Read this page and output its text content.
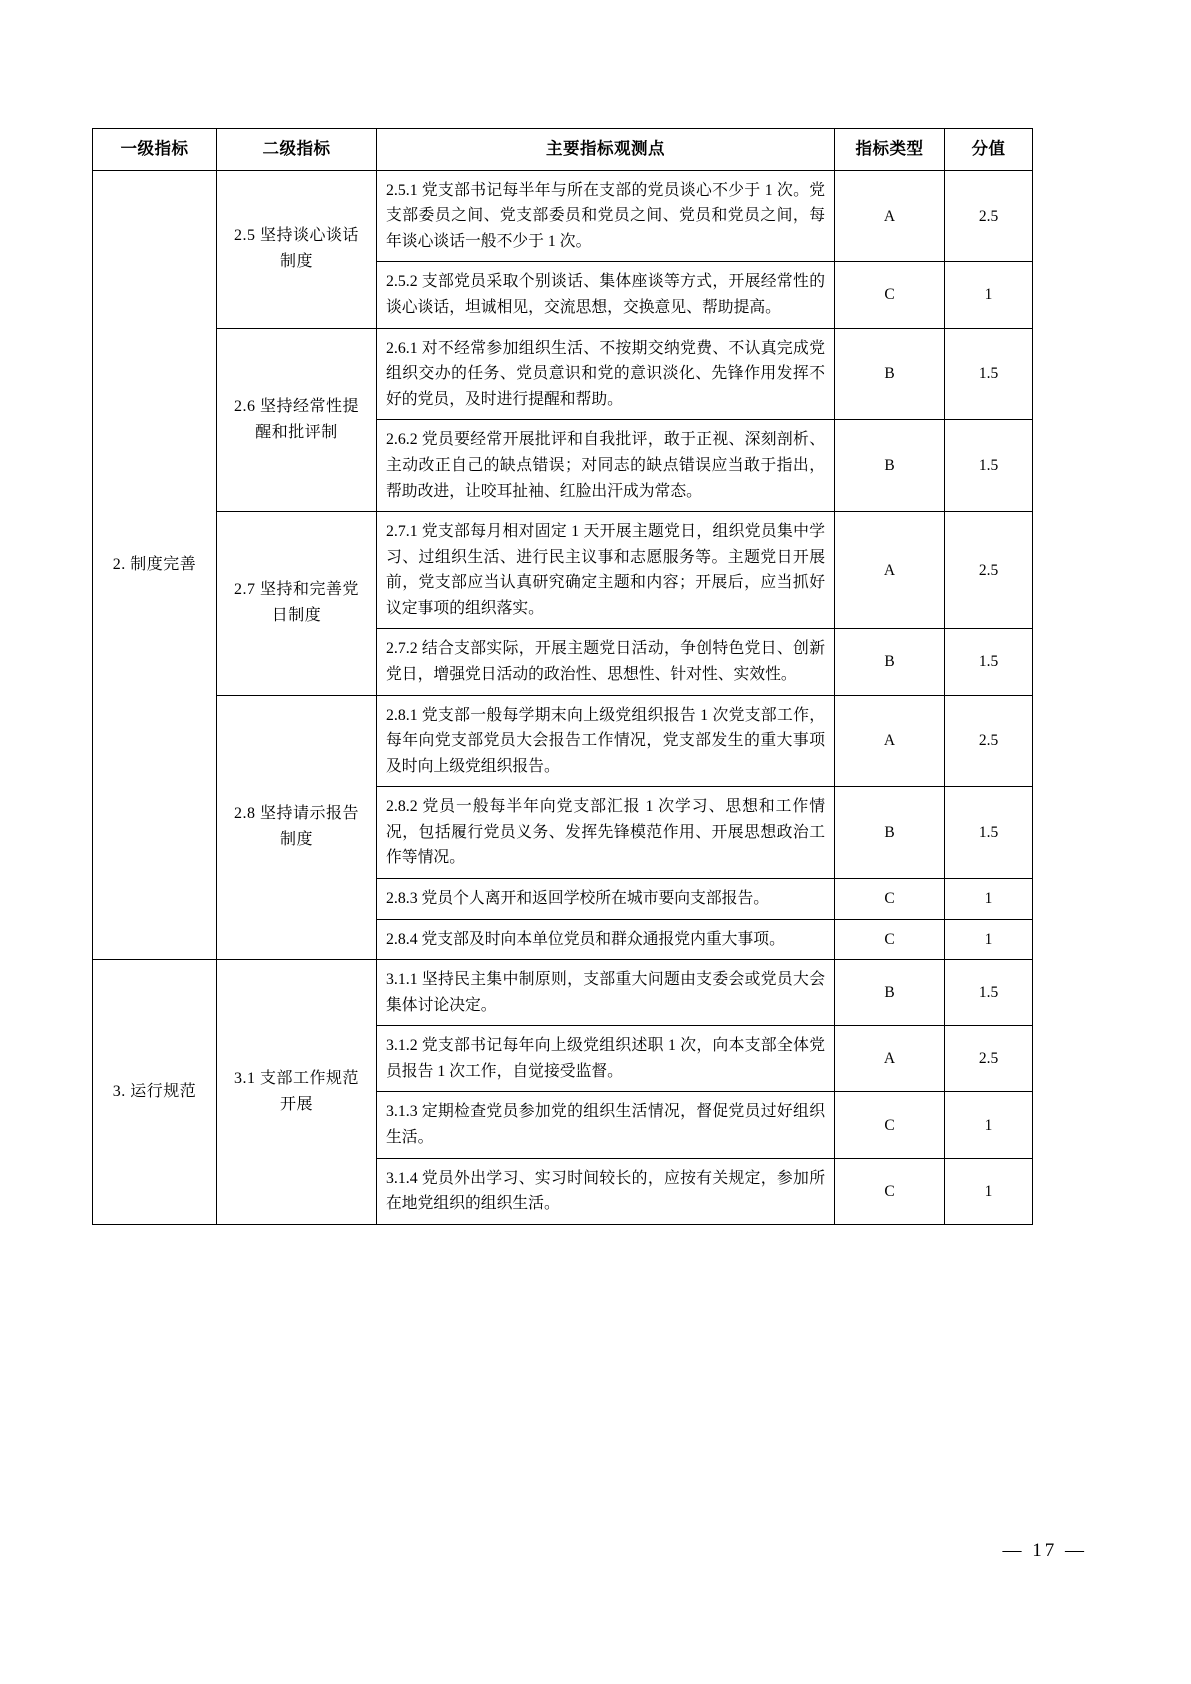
一级指标	二级指标	主要指标观测点	指标类型	分值
2. 制度完善	2.5 坚持谈心谈话制度	2.5.1 党支部书记每半年与所在支部的党员谈心不少于 1 次。党支部委员之间、党支部委员和党员之间、党员和党员之间，每年谈心谈话一般不少于 1 次。	A	2.5
		2.5.2 支部党员采取个别谈话、集体座谈等方式，开展经常性的谈心谈话，坦诚相见，交流思想，交换意见、帮助提高。	C	1
	2.6 坚持经常性提醒和批评制	2.6.1 对不经常参加组织生活、不按期交纳党费、不认真完成党组织交办的任务、党员意识和党的意识淡化、先锋作用发挥不好的党员，及时进行提醒和帮助。	B	1.5
		2.6.2 党员要经常开展批评和自我批评，敢于正视、深刻剖析、主动改正自己的缺点错误；对同志的缺点错误应当敢于指出，帮助改进，让咬耳扯袖、红脸出汗成为常态。	B	1.5
	2.7 坚持和完善党日制度	2.7.1 党支部每月相对固定 1 天开展主题党日，组织党员集中学习、过组织生活、进行民主议事和志愿服务等。主题党日开展前，党支部应当认真研究确定主题和内容；开展后，应当抓好议定事项的组织落实。	A	2.5
		2.7.2 结合支部实际，开展主题党日活动，争创特色党日、创新党日，增强党日活动的政治性、思想性、针对性、实效性。	B	1.5
	2.8 坚持请示报告制度	2.8.1 党支部一般每学期末向上级党组织报告 1 次党支部工作，每年向党支部党员大会报告工作情况，党支部发生的重大事项及时向上级党组织报告。	A	2.5
		2.8.2 党员一般每半年向党支部汇报 1 次学习、思想和工作情况，包括履行党员义务、发挥先锋模范作用、开展思想政治工作等情况。	B	1.5
		2.8.3 党员个人离开和返回学校所在城市要向支部报告。	C	1
		2.8.4 党支部及时向本单位党员和群众通报党内重大事项。	C	1
3. 运行规范	3.1 支部工作规范开展	3.1.1 坚持民主集中制原则，支部重大问题由支委会或党员大会集体讨论决定。	B	1.5
		3.1.2 党支部书记每年向上级党组织述职 1 次，向本支部全体党员报告 1 次工作，自觉接受监督。	A	2.5
		3.1.3 定期检查党员参加党的组织生活情况，督促党员过好组织生活。	C	1
		3.1.4 党员外出学习、实习时间较长的，应按有关规定，参加所在地党组织的组织生活。	C	1
— 17 —
